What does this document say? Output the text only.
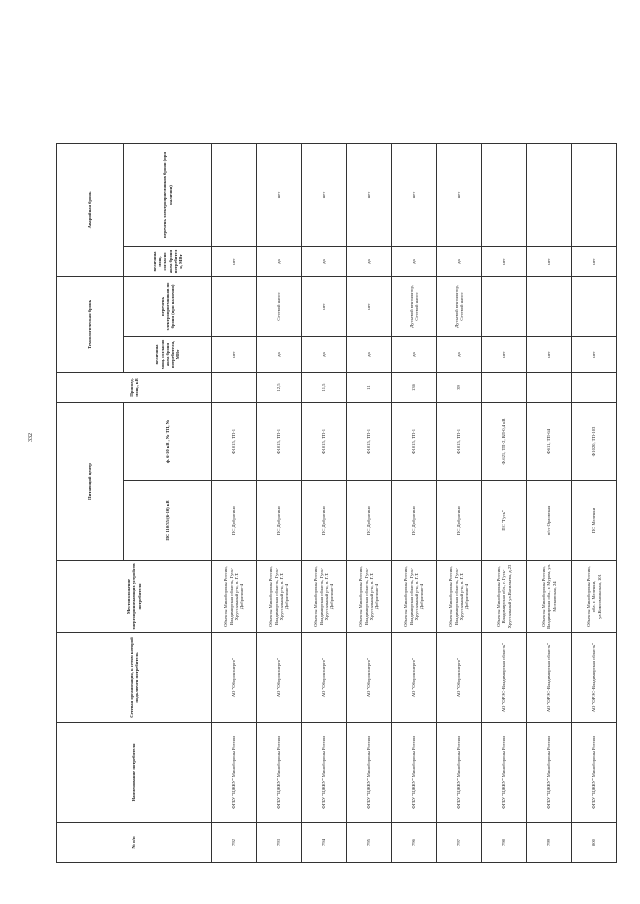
332
№ п/п	Наименование потребителя	Сетевая организация, к сетям которой подключен потребитель	Местоположение энергопринимающих устройств потребителя	Питающий центр		Присоед. мощ., кВ	Технологическая бронь		Аварийная бронь	
				ПС 110/35/(6-10) кВ	ф. 6-10 кВ , № ТП, №		величина мощ. согласно акта брони потребителя, МВт	перечень электроприемников по брони (при наличии)	величина мощ. согласно акта брони потребителя, МВт	перечень электроприемников брони (при наличии)
792	ФГБУ "ЦЖКУ" Минобороны России	АО "Оборонэнерго"	Объекты Минобороны России, Владимирская область, Гусь-Хрустальный р-н, п. Г.Т. Добрятино-4	ПС Добрятино	Ф1015, ТП-1		нет		нет	
793	ФГБУ "ЦЖКУ" Минобороны России	АО "Оборонэнерго"	Объекты Минобороны России, Владимирская область, Гусь-Хрустальный р-н, п. Г.Т. Добрятино-4	ПС Добрятино	Ф1015, ТП-1	12,5	да	Сетевой насос	да	нет
794	ФГБУ "ЦЖКУ" Минобороны России	АО "Оборонэнерго"	Объекты Минобороны России, Владимирская область, Гусь-Хрустальный р-н, п. Г.Т. Добрятино-4	ПС Добрятино	Ф1015, ТП-1	11,5	да	нет	да	нет
795	ФГБУ "ЦЖКУ" Минобороны России	АО "Оборонэнерго"	Объекты Минобороны России, Владимирская область, Гусь-Хрустальный р-н, п. Г.Т. Добрятино-4	ПС Добрятино	Ф1015, ТП-1	11	да	нет	да	нет
796	ФГБУ "ЦЖКУ" Минобороны России	АО "Оборонэнерго"	Объекты Минобороны России, Владимирская область, Гусь-Хрустальный р-н, п. Г.Т. Добрятино-4	ПС Добрятино	Ф1015, ТП-1	136	да	Дутьевой вентилятор, Сетевой насос	да	нет
797	ФГБУ "ЦЖКУ" Минобороны России	АО "Оборонэнерго"	Объекты Минобороны России, Владимирская область, Гусь-Хрустальный р-н, п. Г.Т. Добрятино-4	ПС Добрятино	Ф1015, ТП-1	39	да	Дутьевой вентилятор, Сетевой насос	да	нет
798	ФГБУ "ЦЖКУ" Минобороны России	АО "ОРЭС-Владимирская область"	Объекты Минобороны России, Владимирская обл., г. Гусь-Хрустальный ул.Васильева, д.23	ПС "Гусь"	Ф.621, ТП-2, ВЛ-0,4 кВ		нет		нет	
799	ФГБУ "ЦЖКУ" Минобороны России	АО "ОРЭС-Владимирская область"	Объекты Минобороны России, Владимирская обл., г. Муром, ул. Московская, 24	п/ст Орловская	Ф611, ТП-64		нет		нет	
800	ФГБУ "ЦЖКУ" Минобороны России	АО "ОРЭС-Владимирская область"	Объекты Минобороны России, обл. г. Меленки, ул.Комсомольская, 101	ПС Меленки	Ф1020, ТП-103		нет		нет	
